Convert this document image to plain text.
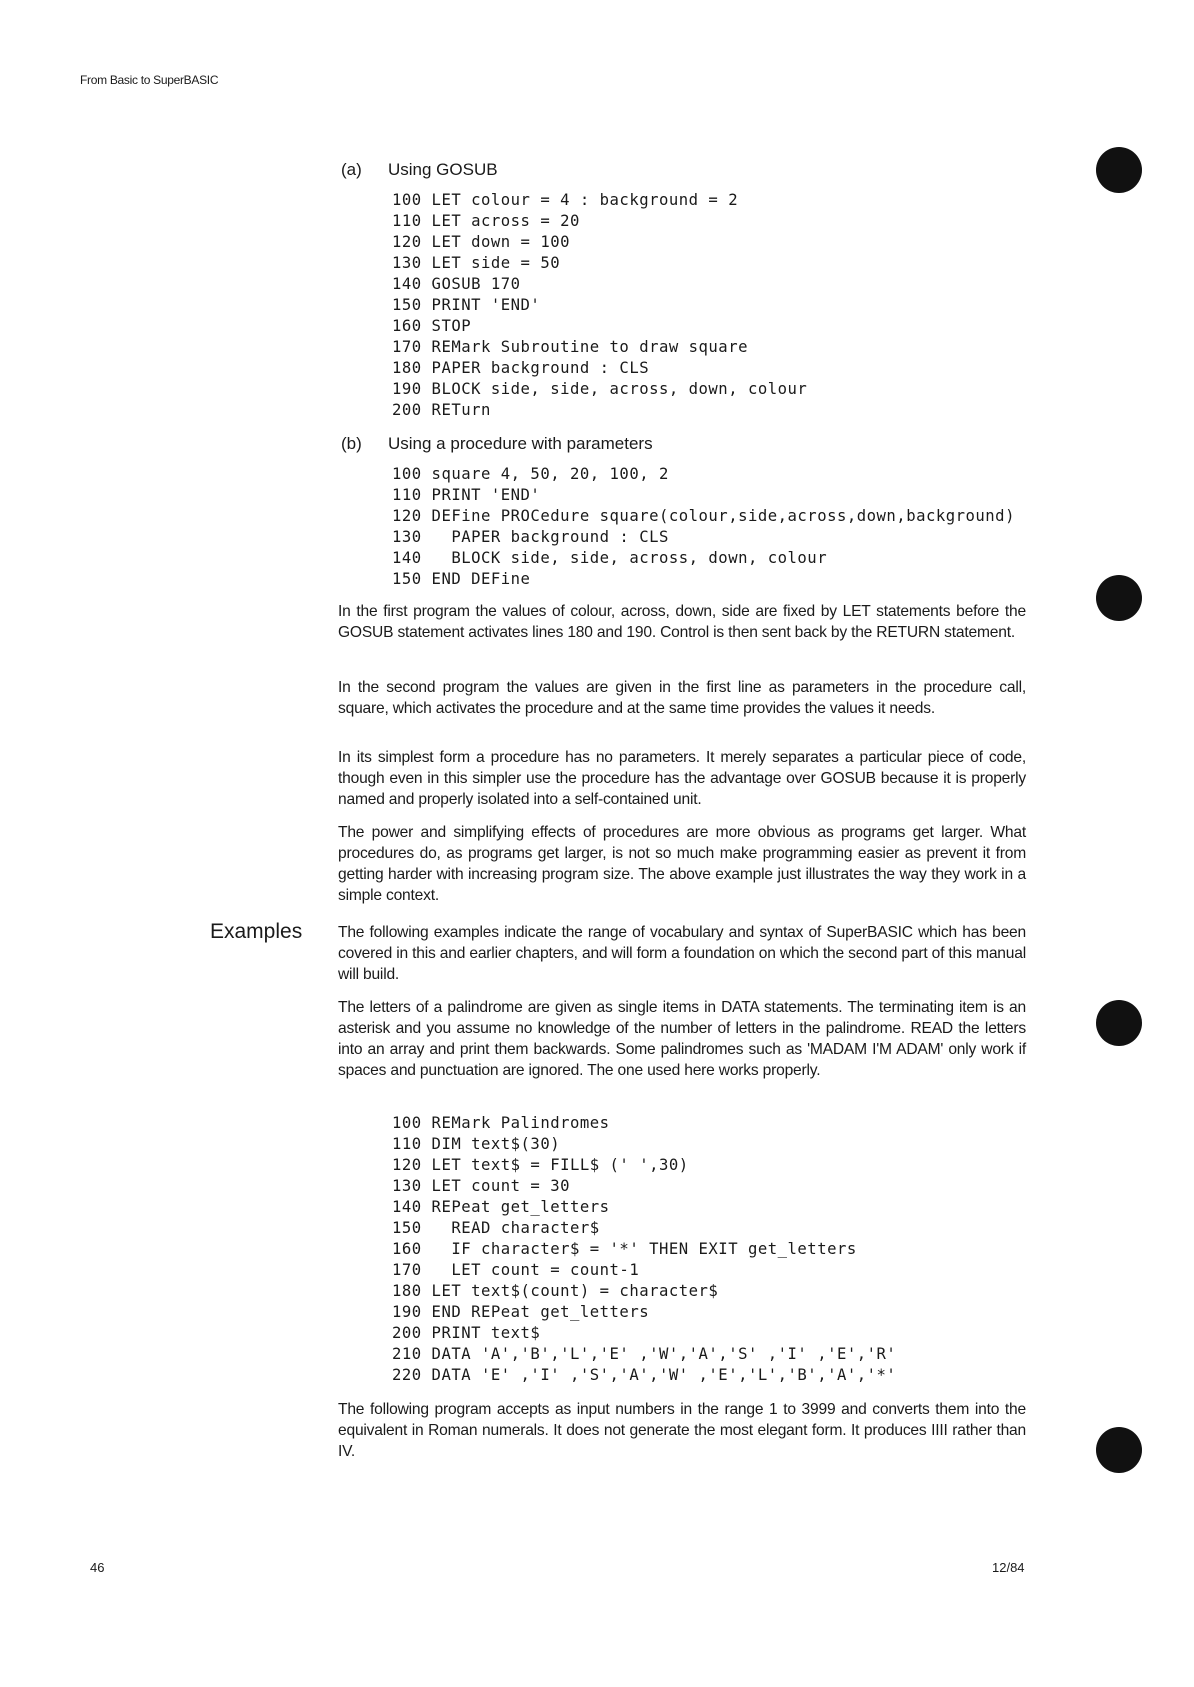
From Basic to SuperBASIC
(a) Using GOSUB
100 LET colour = 4 : background = 2
110 LET across = 20
120 LET down = 100
130 LET side = 50
140 GOSUB 170
150 PRINT 'END'
160 STOP
170 REMark Subroutine to draw square
180 PAPER background : CLS
190 BLOCK side, side, across, down, colour
200 RETurn
(b) Using a procedure with parameters
100 square 4, 50, 20, 100, 2
110 PRINT 'END'
120 DEFine PROCedure square(colour,side,across,down,background)
130   PAPER background : CLS
140   BLOCK side, side, across, down, colour
150 END DEFine

In the first program the values of colour, across, down, side are fixed by LET statements before the GOSUB statement activates lines 180 and 190. Control is then sent back by the RETURN statement.

In the second program the values are given in the first line as parameters in the procedure call, square, which activates the procedure and at the same time provides the values it needs.

In its simplest form a procedure has no parameters. It merely separates a particular piece of code, though even in this simpler use the procedure has the advantage over GOSUB because it is properly named and properly isolated into a self-contained unit.

The power and simplifying effects of procedures are more obvious as programs get larger. What procedures do, as programs get larger, is not so much make programming easier as prevent it from getting harder with increasing program size. The above example just illustrates the way they work in a simple context.

Examples The following examples indicate the range of vocabulary and syntax of SuperBASIC which has been covered in this and earlier chapters, and will form a foundation on which the second part of this manual will build.

The letters of a palindrome are given as single items in DATA statements. The terminating item is an asterisk and you assume no knowledge of the number of letters in the palindrome. READ the letters into an array and print them backwards. Some palindromes such as 'MADAM I'M ADAM' only work if spaces and punctuation are ignored. The one used here works properly.

100 REMark Palindromes
110 DIM text$(30)
120 LET text$ = FILL$ (' ',30)
130 LET count = 30
140 REPeat get_letters
150   READ character$
160   IF character$ = '*' THEN EXIT get_letters
170   LET count = count-1
180 LET text$(count) = character$
190 END REPeat get_letters
200 PRINT text$
210 DATA 'A','B','L','E' ,'W','A','S' ,'I' ,'E','R'
220 DATA 'E' ,'I' ,'S','A','W' ,'E','L','B','A','*'

The following program accepts as input numbers in the range 1 to 3999 and converts them into the equivalent in Roman numerals. It does not generate the most elegant form. It produces IIII rather than IV.

46	12/84
